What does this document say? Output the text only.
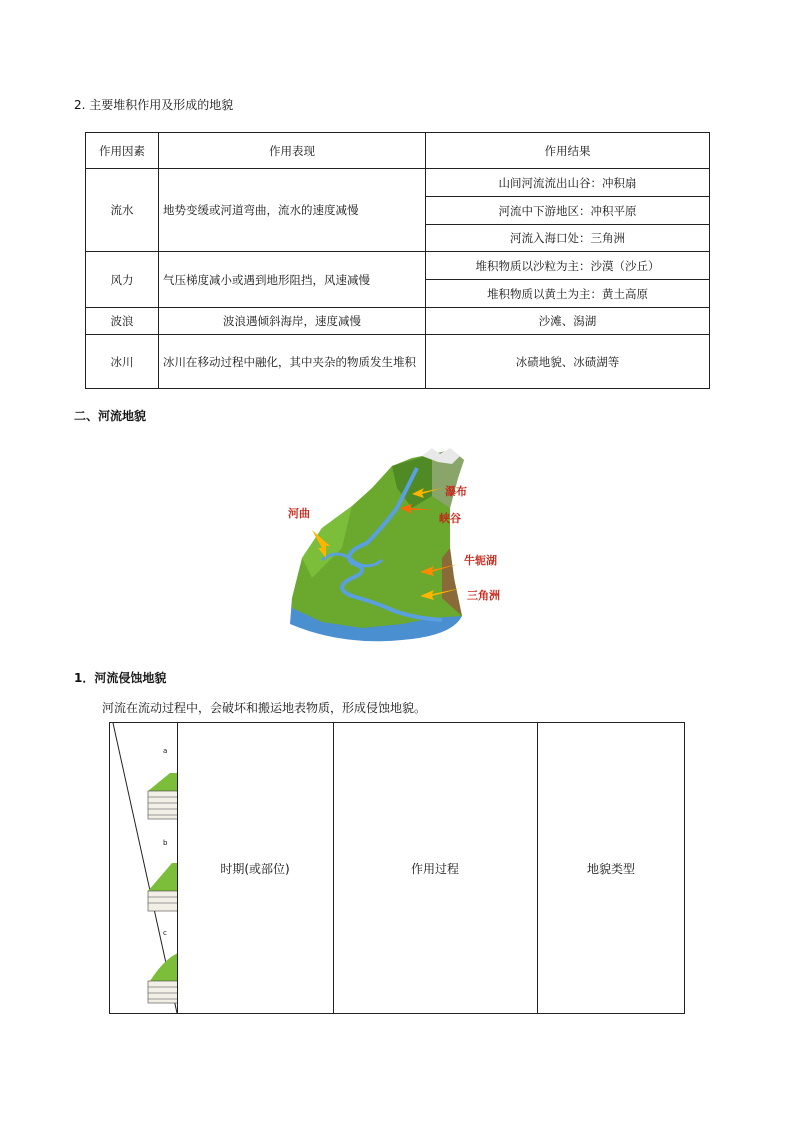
2. 主要堆积作用及形成的地貌
作用因素	作用表现	作用结果
流水	地势变缓或河道弯曲，流水的速度减慢	山间河流流出山谷：冲积扇
		河流中下游地区：冲积平原
		河流入海口处：三角洲
风力	气压梯度减小或遇到地形阻挡，风速减慢	堆积物质以沙粒为主：沙漠（沙丘）
		堆积物质以黄土为主：黄土高原
波浪	波浪遇倾斜海岸，速度减慢	沙滩、潟湖
冰川	冰川在移动过程中融化，其中夹杂的物质发生堆积	冰碛地貌、冰碛湖等
二、河流地貌
瀑布
河曲	峡谷
牛轭湖
三角洲
1．河流侵蚀地貌
河流在流动过程中，会破坏和搬运地表物质，形成侵蚀地貌。
a
b
c
时期(或部位)	作用过程	地貌类型
